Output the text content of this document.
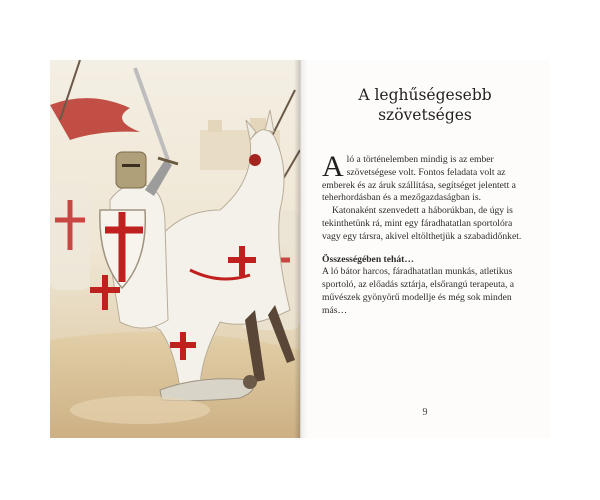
A leghűségesebb
szövetséges

Aló a történelemben mindig is az ember szövetségese volt. Fontos feladata volt az emberek és az áruk szállítása, segítséget jelentett a teherhordásban és a mezőgazdaságban is.

Katonaként szenvedett a háborúkban, de úgy is tekinthetünk rá, mint egy fáradhatatlan sportolóra vagy egy társra, akivel eltölthetjük a szabadidőnket.

Összességében tehát…

A ló bátor harcos, fáradhatatlan munkás, atletikus sportoló, az előadás sztárja, elsőrangú terapeuta, a művészek gyönyörű modellje és még sok minden más…

9
